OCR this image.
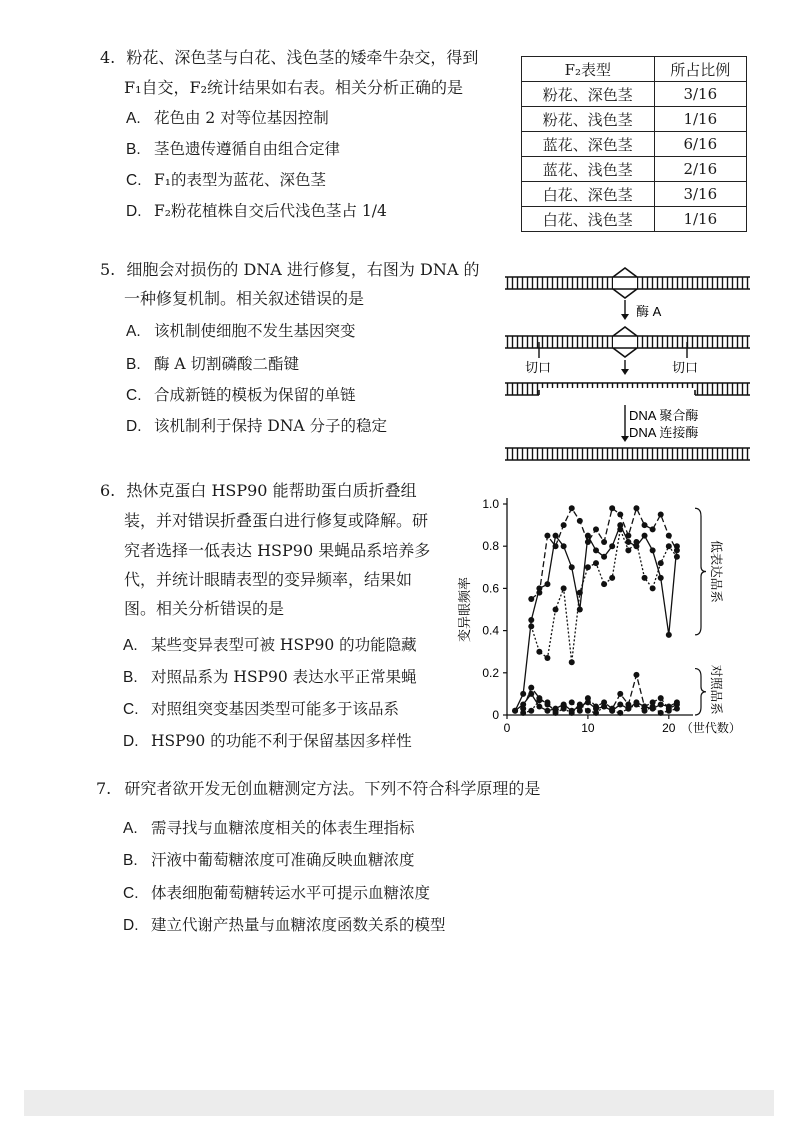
4. 粉花、深色茎与白花、浅色茎的矮牵牛杂交，得到
F₁自交，F₂统计结果如右表。相关分析正确的是
A. 花色由 2 对等位基因控制
B. 茎色遗传遵循自由组合定律
C. F₁的表型为蓝花、深色茎
D. F₂粉花植株自交后代浅色茎占 1/4
F₂表型	所占比例
粉花、深色茎	3/16
粉花、浅色茎	1/16
蓝花、深色茎	6/16
蓝花、浅色茎	2/16
白花、深色茎	3/16
白花、浅色茎	1/16
5. 细胞会对损伤的 DNA 进行修复，右图为 DNA 的
一种修复机制。相关叙述错误的是
A. 该机制使细胞不发生基因突变
B. 酶 A 切割磷酸二酯键
C. 合成新链的模板为保留的单链
D. 该机制利于保持 DNA 分子的稳定
酶 A
切口	切口
DNA 聚合酶
DNA 连接酶
6. 热休克蛋白 HSP90 能帮助蛋白质折叠组
装，并对错误折叠蛋白进行修复或降解。研
究者选择一低表达 HSP90 果蝇品系培养多
代，并统计眼睛表型的变异频率，结果如
图。相关分析错误的是
A. 某些变异表型可被 HSP90 的功能隐藏
B. 对照品系为 HSP90 表达水平正常果蝇
C. 对照组突变基因类型可能多于该品系
D. HSP90 的功能不利于保留基因多样性
0
0.2
0.4
0.6
0.8
1.0
0	10	20 （世代数）
变异眼频率
低表达品系
对照品系
7. 研究者欲开发无创血糖测定方法。下列不符合科学原理的是
A. 需寻找与血糖浓度相关的体表生理指标
B. 汗液中葡萄糖浓度可准确反映血糖浓度
C. 体表细胞葡萄糖转运水平可提示血糖浓度
D. 建立代谢产热量与血糖浓度函数关系的模型
